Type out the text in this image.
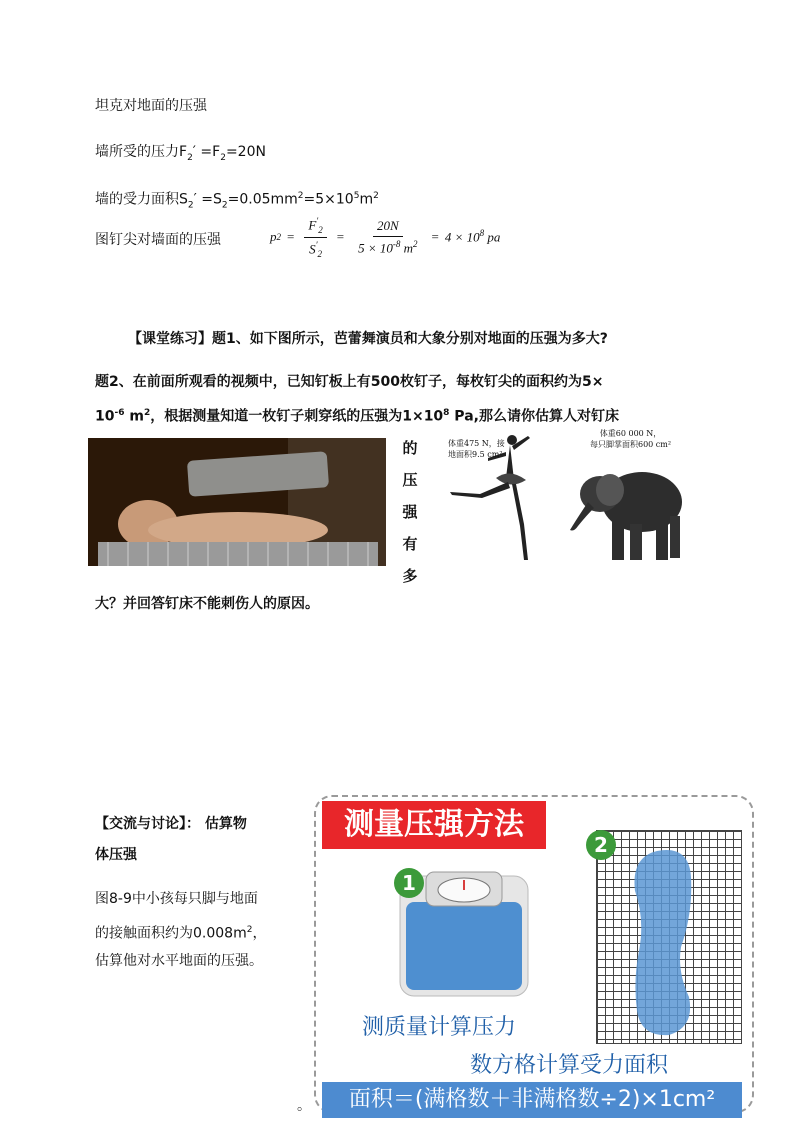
坦克对地面的压强
墙所受的压力$F_2' =F_2=20N$
墙的受力面积$S_2' =S_2=0.05mm^2=5\times 10^5m^2$
图钉尖对墙面的压强	p $2 = \frac{F'_2}{S'_2} = \frac{20N}{5 \times 10^{-8} m^2} = 4 \times 10^8$ pa
【课堂练习】题1、如下图所示，芭蕾舞演员和大象分别对地面的压强为多大?
题2、在前面所观看的视频中，已知钉板上有500枚钉子，每枚钉尖的面积约为5×
$10^{-6}$ $m^2$，根据测量知道一枚钉子刺穿纸的压强为$1\times 10^8$ Pa,那么请你估算人对钉床
的
压
强
有
多
体重475 N，接
地面积9.5 cm²
体重60 000 N，
每只脚掌面积600 cm²
大？并回答钉床不能刺伤人的原因。
【交流与讨论】： 估算物
体压强
图8-9中小孩每只脚与地面
的接触面积约为$0.008m^2$，
估算他对水平地面的压强。
测量压强方法
1
2
测质量计算压力
数方格计算受力面积
面积＝(满格数＋非满格数÷2)×1cm²
。
